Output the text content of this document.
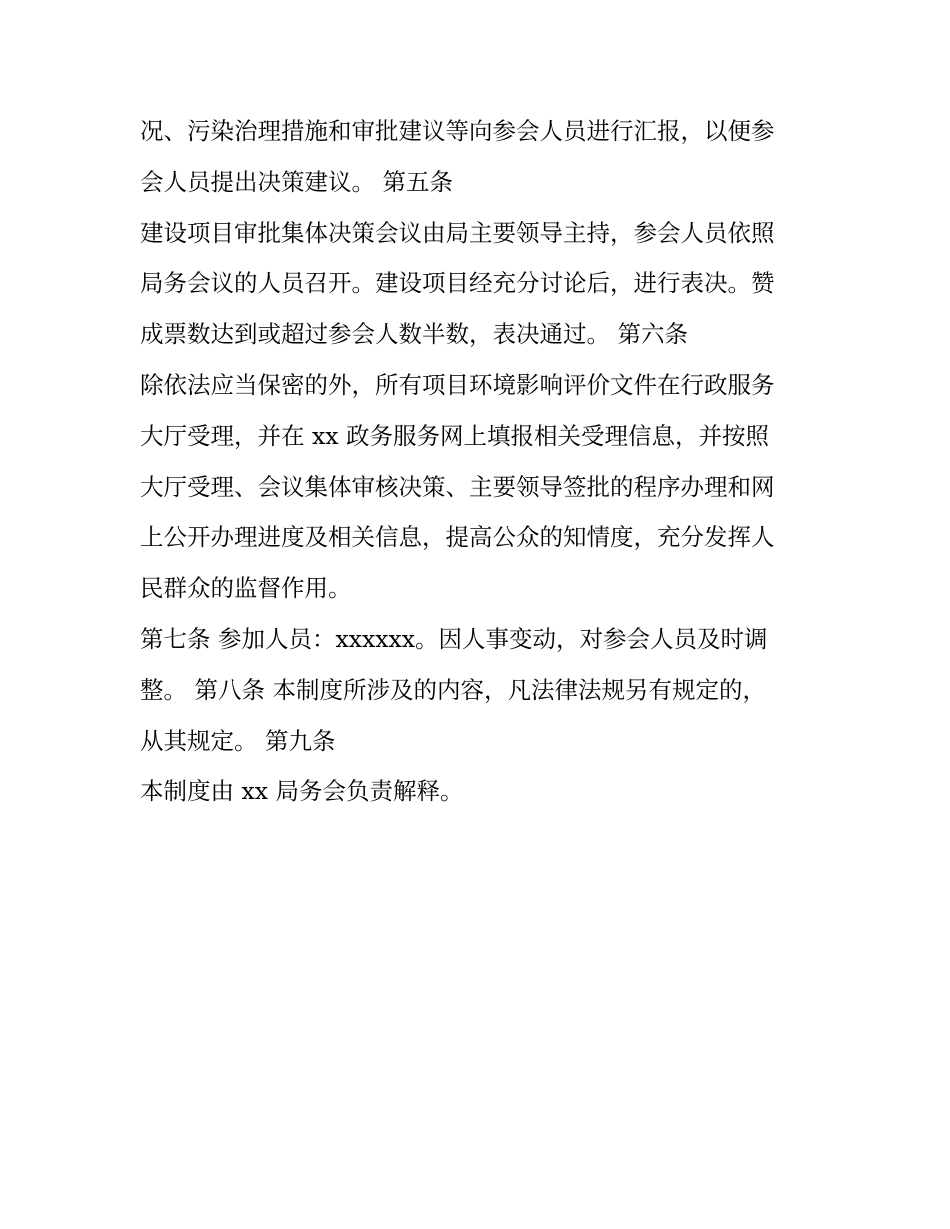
况、污染治理措施和审批建议等向参会人员进行汇报，以便参
会人员提出决策建议。 第五条
建设项目审批集体决策会议由局主要领导主持，参会人员依照
局务会议的人员召开。建设项目经充分讨论后，进行表决。赞
成票数达到或超过参会人数半数，表决通过。 第六条
除依法应当保密的外，所有项目环境影响评价文件在行政服务
大厅受理，并在 xx 政务服务网上填报相关受理信息，并按照
大厅受理、会议集体审核决策、主要领导签批的程序办理和网
上公开办理进度及相关信息，提高公众的知情度，充分发挥人
民群众的监督作用。
第七条 参加人员：xxxxxx。因人事变动，对参会人员及时调
整。 第八条 本制度所涉及的内容，凡法律法规另有规定的，
从其规定。 第九条
本制度由 xx 局务会负责解释。
